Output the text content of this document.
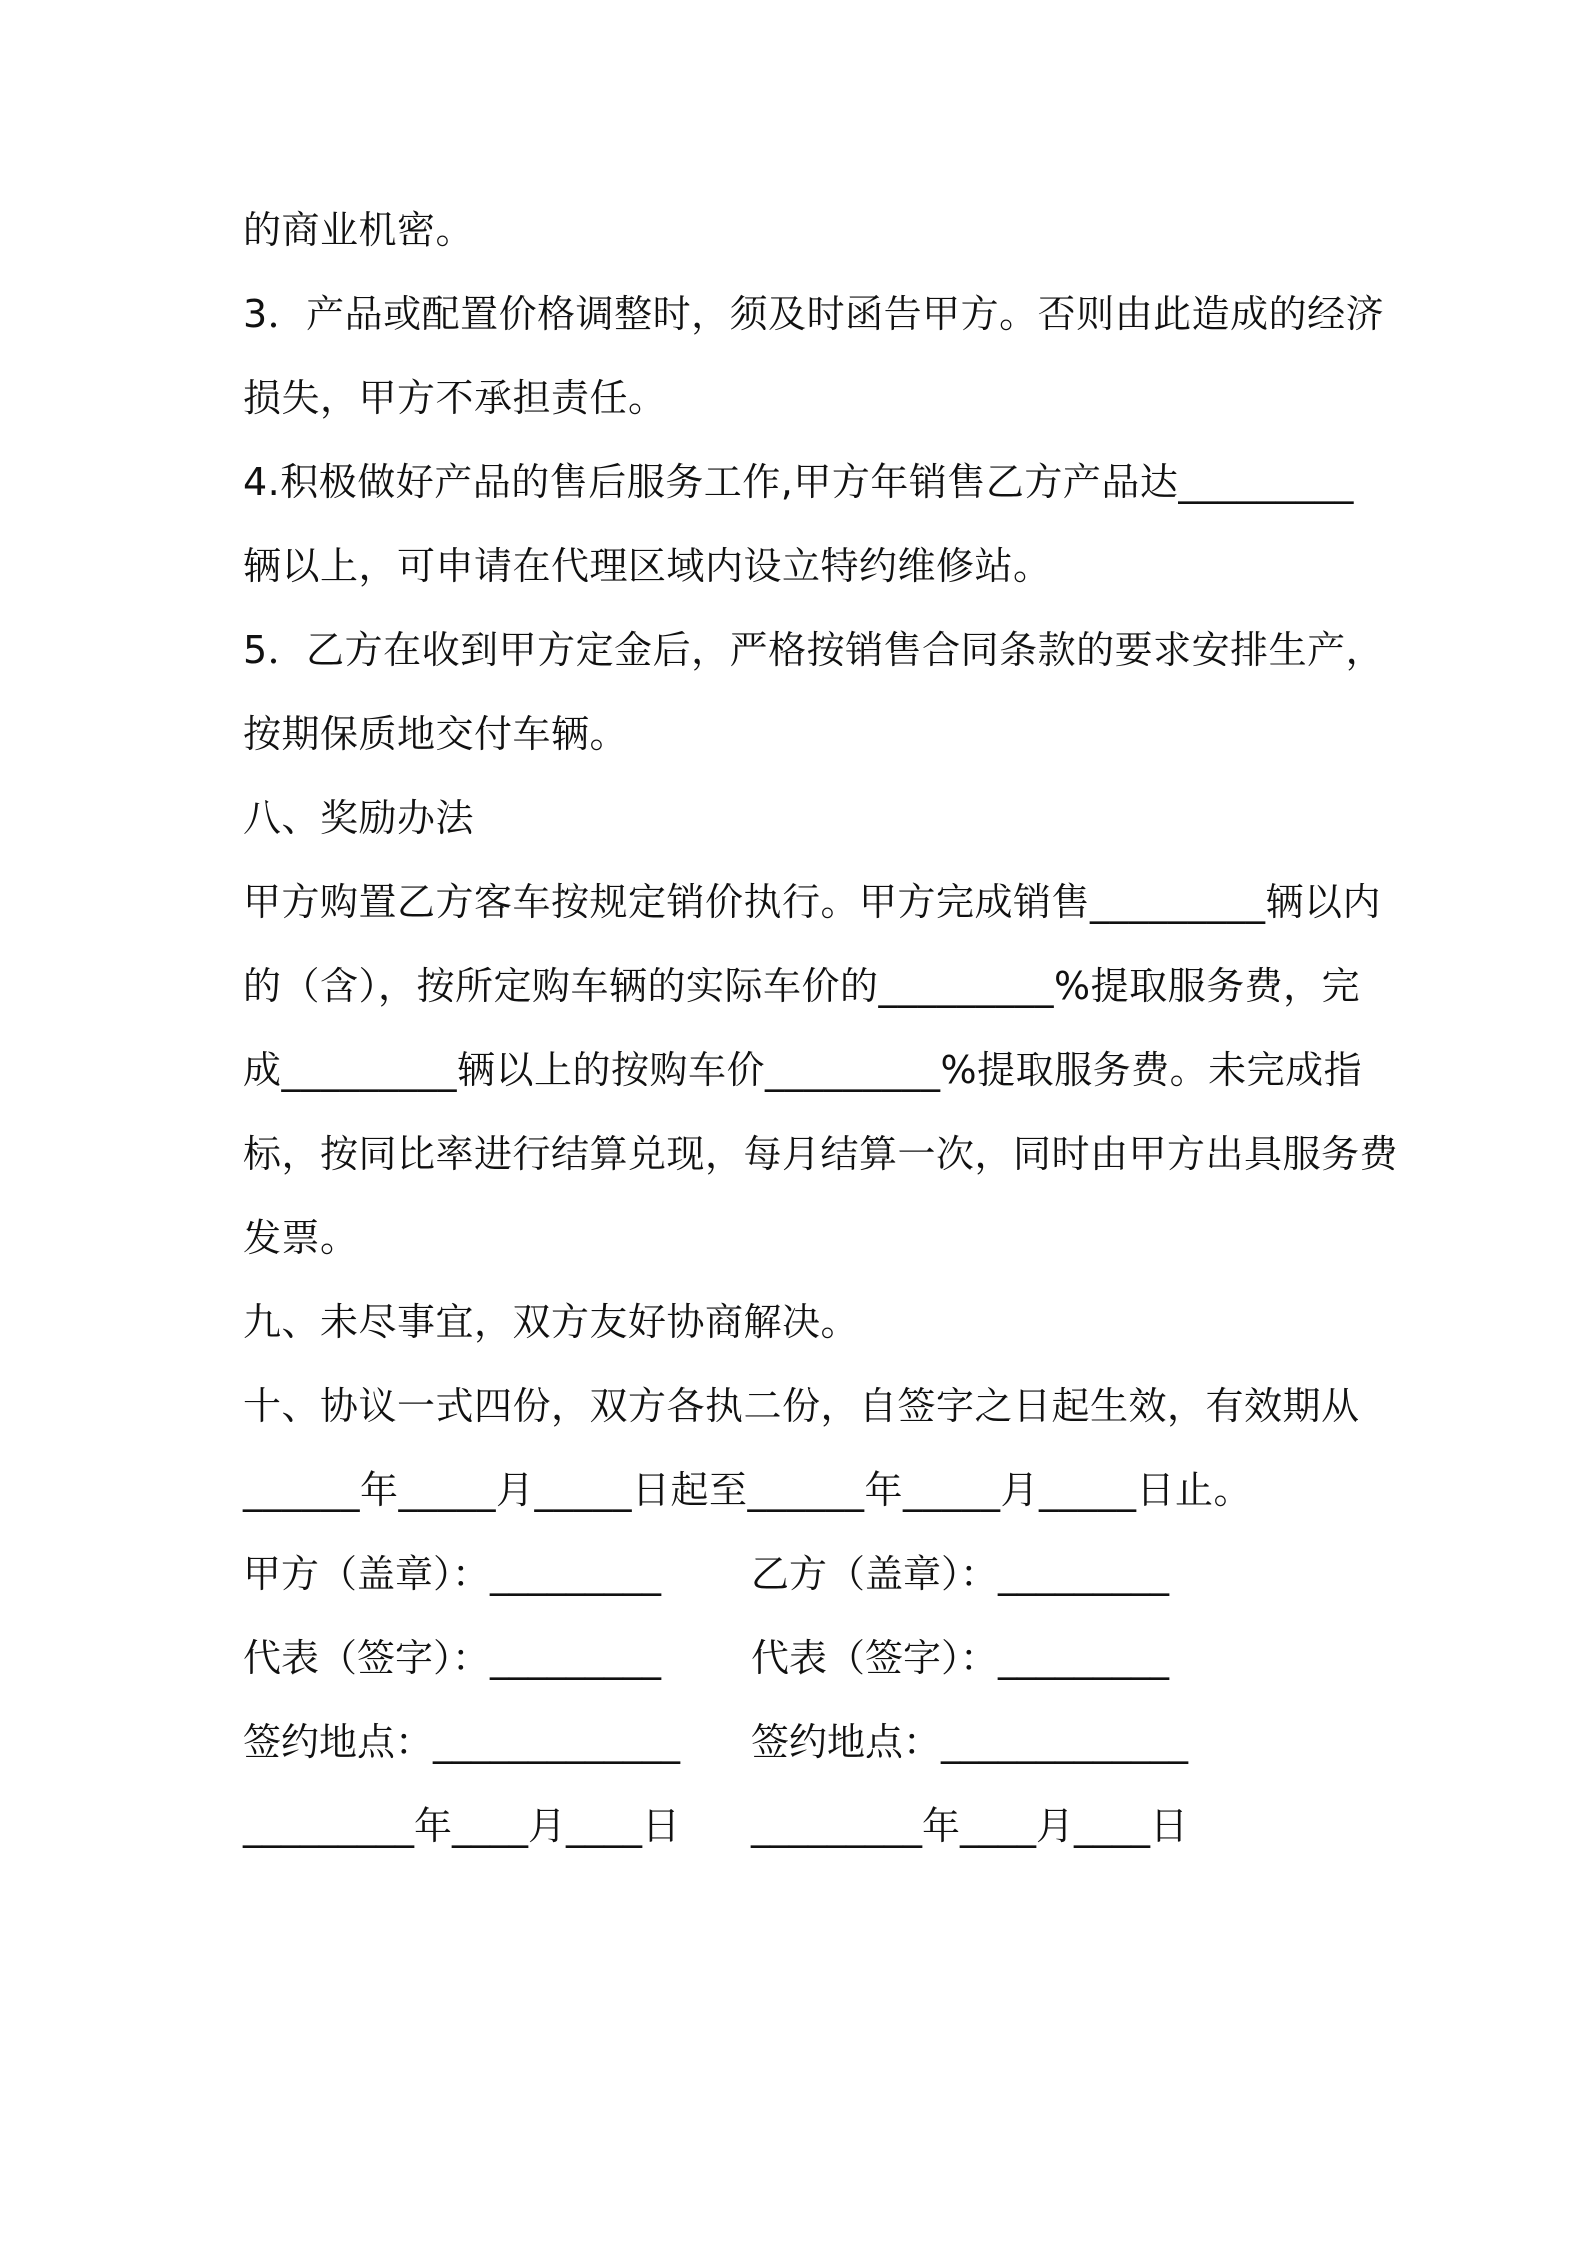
的商业机密。
3．产品或配置价格调整时，须及时函告甲方。否则由此造成的经济
损失，甲方不承担责任。
4.积极做好产品的售后服务工作,甲方年销售乙方产品达_________
辆以上，可申请在代理区域内设立特约维修站。
5．乙方在收到甲方定金后，严格按销售合同条款的要求安排生产，
按期保质地交付车辆。
八、奖励办法
甲方购置乙方客车按规定销价执行。甲方完成销售_________辆以内
的（含），按所定购车辆的实际车价的_________%提取服务费，完
成_________辆以上的按购车价_________%提取服务费。未完成指
标，按同比率进行结算兑现，每月结算一次，同时由甲方出具服务费
发票。
九、未尽事宜，双方友好协商解决。
十、协议一式四份，双方各执二份，自签字之日起生效，有效期从
______年_____月_____日起至______年_____月_____日止。
甲方（盖章）：_________ 乙方（盖章）：_________
代表（签字）：_________ 代表（签字）：_________
签约地点：_____________ 签约地点：_____________
_________年____月____日 _________年____月____日
